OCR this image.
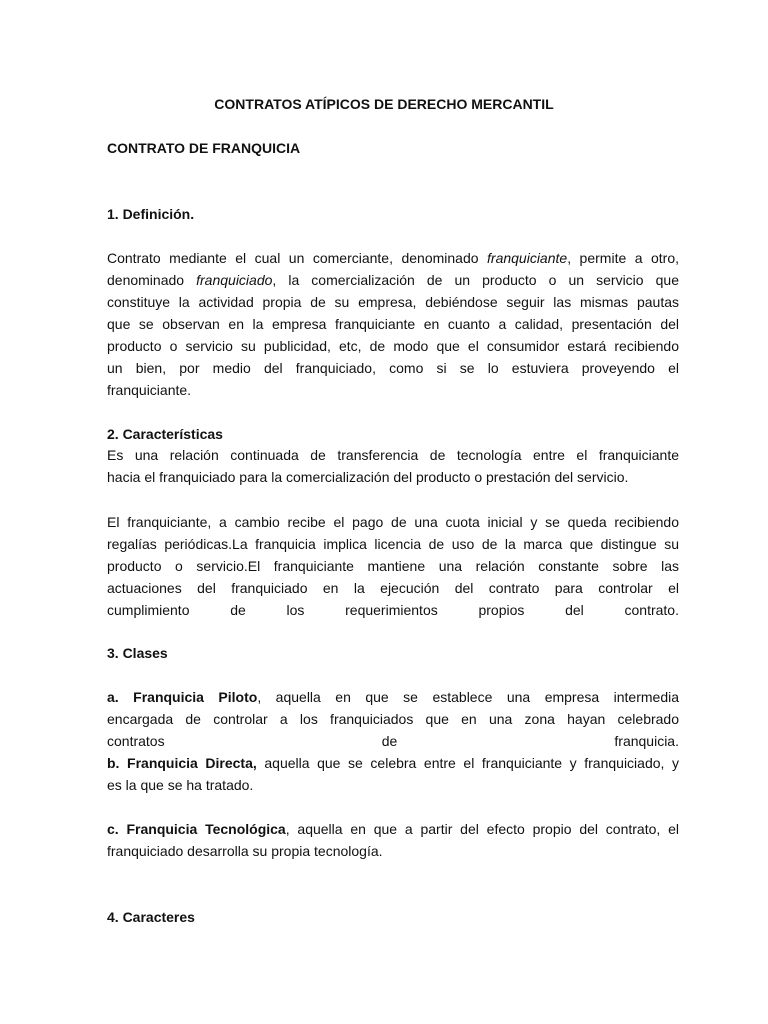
CONTRATOS ATÍPICOS DE DERECHO MERCANTIL
CONTRATO DE FRANQUICIA
1. Definición.
Contrato mediante el cual un comerciante, denominado franquiciante, permite a otro,
denominado franquiciado, la comercialización de un producto o un servicio que
constituye la actividad propia de su empresa, debiéndose seguir las mismas pautas
que se observan en la empresa franquiciante en cuanto a calidad, presentación del
producto o servicio su publicidad, etc, de modo que el consumidor estará recibiendo
un bien, por medio del franquiciado, como si se lo estuviera proveyendo el
franquiciante.
2. Características
Es una relación continuada de transferencia de tecnología entre el franquiciante
hacia el franquiciado para la comercialización del producto o prestación del servicio.
El franquiciante, a cambio recibe el pago de una cuota inicial y se queda recibiendo
regalías periódicas.La franquicia implica licencia de uso de la marca que distingue su
producto o servicio.El franquiciante mantiene una relación constante sobre las
actuaciones del franquiciado en la ejecución del contrato para controlar el
cumplimiento	de	los	requerimientos	propios	del	contrato.
3. Clases
a. Franquicia Piloto, aquella en que se establece una empresa intermedia
encargada de controlar a los franquiciados que en una zona hayan celebrado
contratos	de	franquicia.
b. Franquicia Directa, aquella que se celebra entre el franquiciante y franquiciado, y
es la que se ha tratado.
c. Franquicia Tecnológica, aquella en que a partir del efecto propio del contrato, el
franquiciado desarrolla su propia tecnología.
4. Caracteres
